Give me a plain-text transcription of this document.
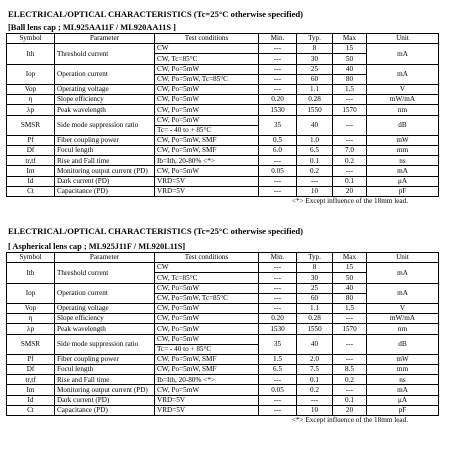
ELECTRICAL/OPTICAL CHARACTERISTICS (Tc=25°C otherwise specified)
[Ball lens cap ; ML925AA11F / ML920AA11S ]
Symbol	Parameter	Test conditions	Min.	Typ.	Max	Unit
Ith	Threshold current	CW	---	8	15	mA
		CW, Tc=85°C	---	30	50	
Iop	Operation current	CW, Po=5mW	---	25	40	mA
		CW, Po=5mW, Tc=85°C	---	60	80	
Vop	Operating voltage	CW, Po=5mW	---	1.1	1.5	V
η	Slope efficiency	CW, Po=5mW	0.20	0.28	---	mW/mA
λp	Peak wavelength	CW, Po=5mW	1530	1550	1570	nm
SMSR	Side mode suppression ratio	CW, Po=5mW	35	40	---	dB
		Tc= - 40 to + 85°C				
Pf	Fiber coupling power	CW, Po=5mW, SMF	0.5	1.0	---	mW
Df	Focul length	CW, Po=5mW, SMF	6.0	6.5	7.0	mm
tr,tf	Rise and Fall time	Ib=Ith, 20-80% <*>	---	0.1	0.2	ns
Im	Monitoring output current (PD)	CW, Po=5mW	0.05	0.2	---	mA
Id	Dark current (PD)	VRD=5V	---	---	0.1	μA
Ct	Capacitance (PD)	VRD=5V	---	10	20	pF
<*> Except influence of the 18mm lead.
ELECTRICAL/OPTICAL CHARACTERISTICS (Tc=25°C otherwise specified)
[ Aspherical lens cap ; ML925J11F / ML920L11S]
Symbol	Parameter	Test conditions	Min.	Typ.	Max	Unit
Ith	Threshold current	CW	---	8	15	mA
		CW, Tc=85°C	---	30	50	
Iop	Operation current	CW, Po=5mW	---	25	40	mA
		CW, Po=5mW, Tc=85°C	---	60	80	
Vop	Operating voltage	CW, Po=5mW	---	1.1	1.5	V
η	Slope efficiency	CW, Po=5mW	0.20	0.28	---	mW/mA
λp	Peak wavelength	CW, Po=5mW	1530	1550	1570	nm
SMSR	Side mode suppression ratio	CW, Po=5mW	35	40	---	dB
		Tc= - 40 to + 85°C				
Pf	Fiber coupling power	CW, Po=5mW, SMF	1.5	2.0	---	mW
Df	Focul length	CW, Po=5mW, SMF	6.5	7.5	8.5	mm
tr,tf	Rise and Fall time	Ib=Ith, 20-80% <*>	---	0.1	0.2	ns
Im	Monitoring output current (PD)	CW, Po=5mW	0.05	0.2	---	mA
Id	Dark current (PD)	VRD=5V	---	---	0.1	μA
Ct	Capacitance (PD)	VRD=5V	---	10	20	pF
<*> Except influence of the 18mm lead.
